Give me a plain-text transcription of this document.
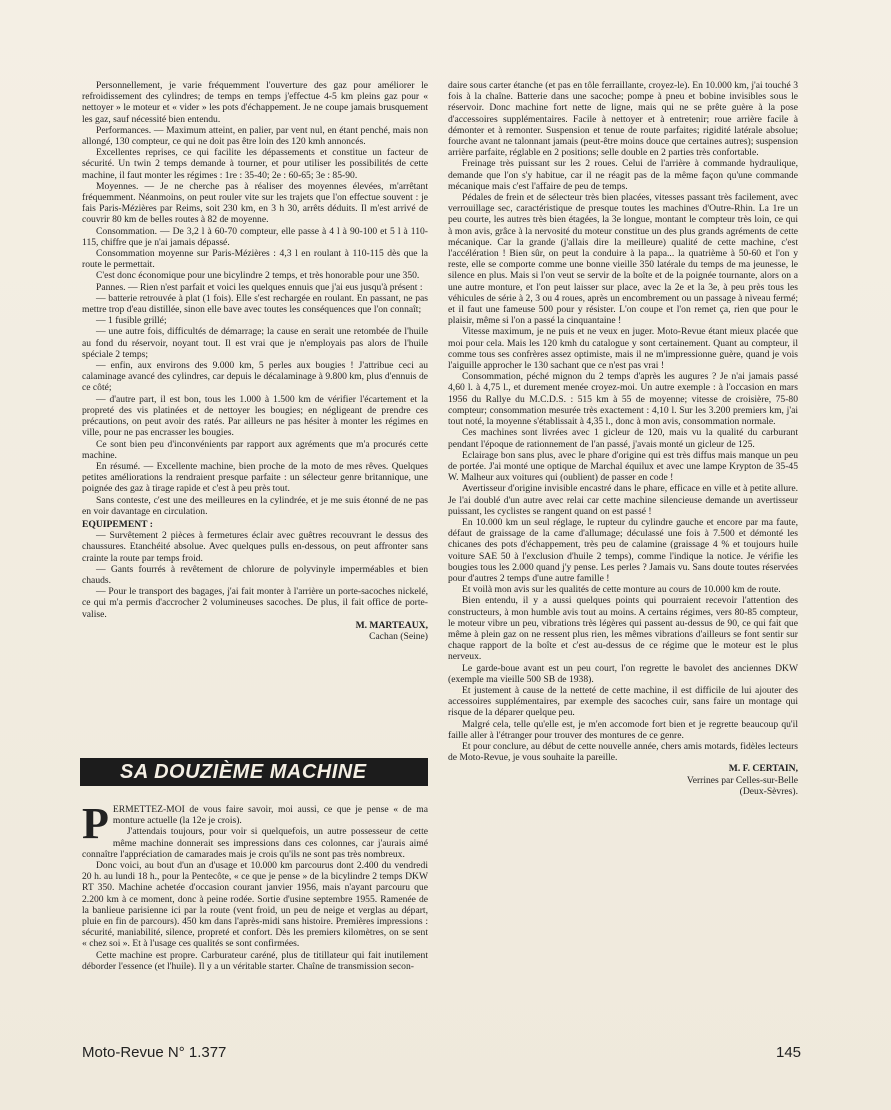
Personnellement, je varie fréquemment l'ouverture des gaz pour améliorer le refroidissement des cylindres; de temps en temps j'effectue 4-5 km pleins gaz pour « nettoyer » le moteur et « vider » les pots d'échappement. Je ne coupe jamais brusquement les gaz, sauf nécessité bien entendu.

Performances. — Maximum atteint, en palier, par vent nul, en étant penché, mais non allongé, 130 compteur, ce qui ne doit pas être loin des 120 kmh annoncés.

Excellentes reprises, ce qui facilite les dépassements et constitue un facteur de sécurité. Un twin 2 temps demande à tourner, et pour utiliser les possibilités de cette machine, il faut monter les régimes : 1re : 35-40; 2e : 60-65; 3e : 85-90.

Moyennes. — Je ne cherche pas à réaliser des moyennes élevées, m'arrêtant fréquemment. Néanmoins, on peut rouler vite sur les trajets que l'on effectue souvent : je fais Paris-Mézières par Reims, soit 230 km, en 3 h 30, arrêts déduits. Il m'est arrivé de couvrir 80 km de belles routes à 82 de moyenne.

Consommation. — De 3,2 l à 60-70 compteur, elle passe à 4 l à 90-100 et 5 l à 110-115, chiffre que je n'ai jamais dépassé.

Consommation moyenne sur Paris-Mézières : 4,3 l en roulant à 110-115 dès que la route le permettait.

C'est donc économique pour une bicylindre 2 temps, et très honorable pour une 350.

Pannes. — Rien n'est parfait et voici les quelques ennuis que j'ai eus jusqu'à présent :

— batterie retrouvée à plat (1 fois). Elle s'est rechargée en roulant. En passant, ne pas mettre trop d'eau distillée, sinon elle bave avec toutes les conséquences que l'on connaît;

— 1 fusible grillé;

— une autre fois, difficultés de démarrage; la cause en serait une retombée de l'huile au fond du réservoir, noyant tout. Il est vrai que je n'employais pas alors de l'huile spéciale 2 temps;

— enfin, aux environs des 9.000 km, 5 perles aux bougies ! J'attribue ceci au calaminage avancé des cylindres, car depuis le décalaminage à 9.800 km, plus d'ennuis de ce côté;

— d'autre part, il est bon, tous les 1.000 à 1.500 km de vérifier l'écartement et la propreté des vis platinées et de nettoyer les bougies; en négligeant de prendre ces précautions, on peut avoir des ratés. Par ailleurs ne pas hésiter à monter les régimes en ville, pour ne pas encrasser les bougies.

Ce sont bien peu d'inconvénients par rapport aux agréments que m'a procurés cette machine.

En résumé. — Excellente machine, bien proche de la moto de mes rêves. Quelques petites améliorations la rendraient presque parfaite : un sélecteur genre britannique, une poignée des gaz à tirage rapide et c'est à peu près tout.

Sans conteste, c'est une des meilleures en la cylindrée, et je me suis étonné de ne pas en voir davantage en circulation.

EQUIPEMENT :

— Survêtement 2 pièces à fermetures éclair avec guêtres recouvrant le dessus des chaussures. Etanchéité absolue. Avec quelques pulls en-dessous, on peut affronter sans crainte la route par temps froid.

— Gants fourrés à revêtement de chlorure de polyvinyle imperméables et bien chauds.

— Pour le transport des bagages, j'ai fait monter à l'arrière un porte-sacoches nickelé, ce qui m'a permis d'accrocher 2 volumineuses sacoches. De plus, il fait office de porte-valise.

M. MARTEAUX,

Cachan (Seine)

SA DOUZIÈME MACHINE
P ERMETTEZ-MOI de vous faire savoir, moi aussi, ce que je pense « de ma monture actuelle (la 12e je crois).

J'attendais toujours, pour voir si quelquefois, un autre possesseur de cette même machine donnerait ses impressions dans ces colonnes, car j'aurais aimé connaître l'appréciation de camarades mais je crois qu'ils ne sont pas très nombreux.

Donc voici, au bout d'un an d'usage et 10.000 km parcourus dont 2.400 du vendredi 20 h. au lundi 18 h., pour la Pentecôte, « ce que je pense » de la bicylindre 2 temps DKW RT 350. Machine achetée d'occasion courant janvier 1956, mais n'ayant parcouru que 2.200 km à ce moment, donc à peine rodée. Sortie d'usine septembre 1955. Ramenée de la banlieue parisienne ici par la route (vent froid, un peu de neige et verglas au départ, pluie en fin de parcours). 450 km dans l'après-midi sans histoire. Premières impressions : sécurité, maniabilité, silence, propreté et confort. Dès les premiers kilomètres, on se sent « chez soi ». Et à l'usage ces qualités se sont confirmées.

Cette machine est propre. Carburateur caréné, plus de titillateur qui fait inutilement déborder l'essence (et l'huile). Il y a un véritable starter. Chaîne de transmission secon-

daire sous carter étanche (et pas en tôle ferraillante, croyez-le). En 10.000 km, j'ai touché 3 fois à la chaîne. Batterie dans une sacoche; pompe à pneu et bobine invisibles sous le réservoir. Donc machine fort nette de ligne, mais qui ne se prête guère à la pose d'accessoires supplémentaires. Facile à nettoyer et à entretenir; roue arrière facile à démonter et à remonter. Suspension et tenue de route parfaites; rigidité latérale absolue; fourche avant ne talonnant jamais (peut-être moins douce que certaines autres); suspension arrière parfaite, réglable en 2 positions; selle double en 2 parties très confortable.

Freinage très puissant sur les 2 roues. Celui de l'arrière à commande hydraulique, demande que l'on s'y habitue, car il ne réagit pas de la même façon qu'une commande mécanique mais c'est l'affaire de peu de temps.

Pédales de frein et de sélecteur très bien placées, vitesses passant très facilement, avec verrouillage sec, caractéristique de presque toutes les machines d'Outre-Rhin. La 1re un peu courte, les autres très bien étagées, la 3e longue, montant le compteur très loin, ce qui à mon avis, grâce à la nervosité du moteur constitue un des plus grands agréments de cette mécanique. Car la grande (j'allais dire la meilleure) qualité de cette machine, c'est l'accélération ! Bien sûr, on peut la conduire à la papa... la quatrième à 50-60 et l'on y reste, elle se comporte comme une bonne vieille 350 latérale du temps de ma jeunesse, le silence en plus. Mais si l'on veut se servir de la boîte et de la poignée tournante, alors on a une autre monture, et l'on peut laisser sur place, avec la 2e et la 3e, à peu près tous les véhicules de série à 2, 3 ou 4 roues, après un encombrement ou un passage à niveau fermé; et il faut une fameuse 500 pour y résister. L'on coupe et l'on remet ça, rien que pour le plaisir, même si l'on a passé la cinquantaine !

Vitesse maximum, je ne puis et ne veux en juger. Moto-Revue étant mieux placée que moi pour cela. Mais les 120 kmh du catalogue y sont certainement. Quant au compteur, il comme tous ses confrères assez optimiste, mais il ne m'impressionne guère, quand je vois l'aiguille approcher le 130 sachant que ce n'est pas vrai !

Consommation, péché mignon du 2 temps d'après les augures ? Je n'ai jamais passé 4,60 l. à 4,75 l., et durement menée croyez-moi. Un autre exemple : à l'occasion en mars 1956 du Rallye du M.C.D.S. : 515 km à 55 de moyenne; vitesse de croisière, 75-80 compteur; consommation mesurée très exactement : 4,10 l. Sur les 3.200 premiers km, j'ai tout noté, la moyenne s'établissait à 4,35 l., donc à mon avis, consommation normale.

Ces machines sont livrées avec 1 gicleur de 120, mais vu la qualité du carburant pendant l'époque de rationnement de l'an passé, j'avais monté un gicleur de 125.

Eclairage bon sans plus, avec le phare d'origine qui est très diffus mais manque un peu de portée. J'ai monté une optique de Marchal équilux et avec une lampe Krypton de 35-45 W. Malheur aux voitures qui (oublient) de passer en code !

Avertisseur d'origine invisible encastré dans le phare, efficace en ville et à petite allure. Je l'ai doublé d'un autre avec relai car cette machine silencieuse demande un avertisseur puissant, les cyclistes se rangent quand on est passé !

En 10.000 km un seul réglage, le rupteur du cylindre gauche et encore par ma faute, défaut de graissage de la came d'allumage; déculassé une fois à 7.500 et démonté les chicanes des pots d'échappement, très peu de calamine (graissage 4 % et toujours huile voiture SAE 50 à l'exclusion d'huile 2 temps), comme l'indique la notice. Je vérifie les bougies tous les 2.000 quand j'y pense. Les perles ? Jamais vu. Sans doute toutes réservées pour d'autres 2 temps d'une autre famille !

Et voilà mon avis sur les qualités de cette monture au cours de 10.000 km de route.

Bien entendu, il y a aussi quelques points qui pourraient recevoir l'attention des constructeurs, à mon humble avis tout au moins. A certains régimes, vers 80-85 compteur, le moteur vibre un peu, vibrations très légères qui passent au-dessus de 90, ce qui fait que même à plein gaz on ne ressent plus rien, les mêmes vibrations d'ailleurs se font sentir sur chaque rapport de la boîte et c'est au-dessus de ce régime que le moteur est le plus nerveux.

Le garde-boue avant est un peu court, l'on regrette le bavolet des anciennes DKW (exemple ma vieille 500 SB de 1938).

Et justement à cause de la netteté de cette machine, il est difficile de lui ajouter des accessoires supplémentaires, par exemple des sacoches cuir, sans faire un montage qui risque de la déparer quelque peu.

Malgré cela, telle qu'elle est, je m'en accomode fort bien et je regrette beaucoup qu'il faille aller à l'étranger pour trouver des montures de ce genre.

Et pour conclure, au début de cette nouvelle année, chers amis motards, fidèles lecteurs de Moto-Revue, je vous souhaite la pareille.

M. F. CERTAIN,

Verrines par Celles-sur-Belle

(Deux-Sèvres).

Moto-Revue N° 1.377	145
